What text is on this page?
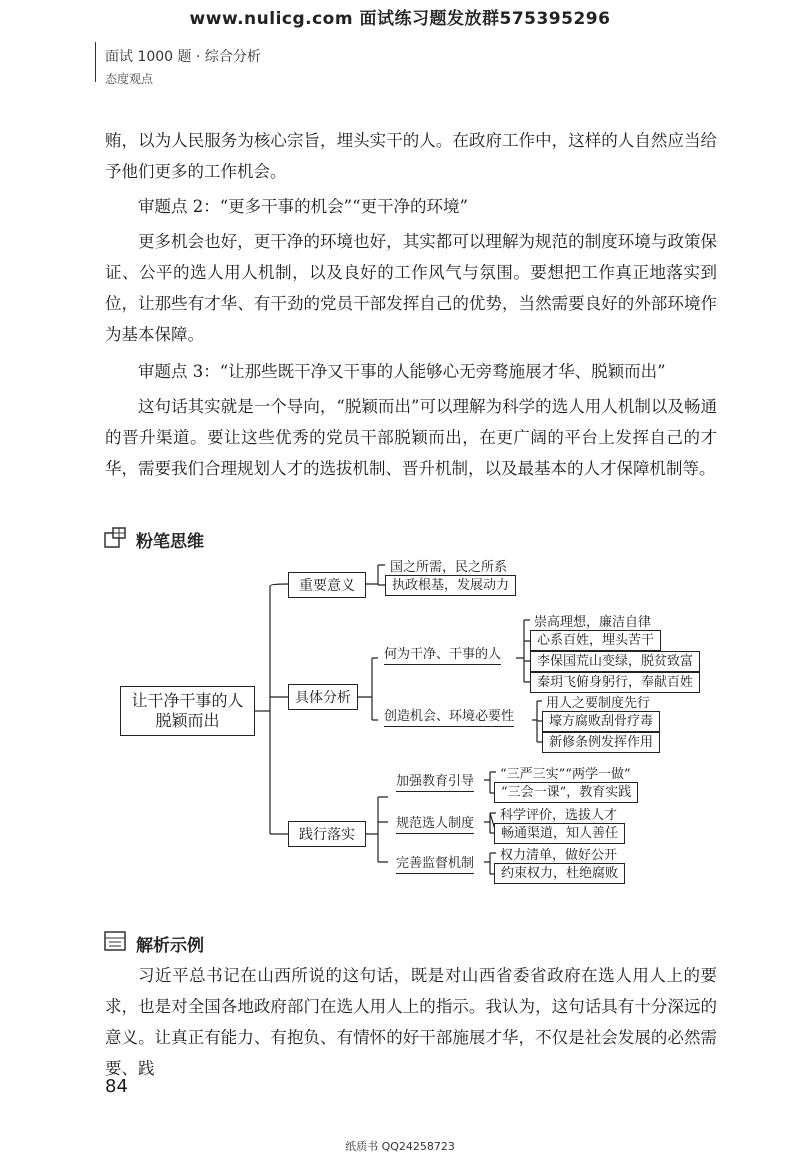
www.nulicg.com 面试练习题发放群575395296
面试 1000 题 · 综合分析
态度观点
贿，以为人民服务为核心宗旨，埋头实干的人。在政府工作中，这样的人自然应当给予他们更多的工作机会。
审题点 2：“更多干事的机会”“更干净的环境”
更多机会也好，更干净的环境也好，其实都可以理解为规范的制度环境与政策保证、公平的选人用人机制，以及良好的工作风气与氛围。要想把工作真正地落实到位，让那些有才华、有干劲的党员干部发挥自己的优势，当然需要良好的外部环境作为基本保障。
审题点 3：“让那些既干净又干事的人能够心无旁骛施展才华、脱颖而出”
这句话其实就是一个导向，“脱颖而出”可以理解为科学的选人用人机制以及畅通的晋升渠道。要让这些优秀的党员干部脱颖而出，在更广阔的平台上发挥自己的才华，需要我们合理规划人才的选拔机制、晋升机制，以及最基本的人才保障机制等。
粉笔思维
让干净干事的人
脱颖而出
重要意义
具体分析
践行落实
国之所需，民之所系
执政根基，发展动力
何为干净、干事的人
创造机会、环境必要性
崇高理想，廉洁自律
心系百姓，埋头苦干
李保国荒山变绿，脱贫致富
秦玥飞俯身躬行，奉献百姓
用人之要制度先行
壕方腐败刮骨疗毒
新修条例发挥作用
加强教育引导
规范选人制度
完善监督机制
“三严三实”“两学一做”
“三会一课”，教育实践
科学评价，选拔人才
畅通渠道，知人善任
权力清单，做好公开
约束权力，杜绝腐败
解析示例
习近平总书记在山西所说的这句话，既是对山西省委省政府在选人用人上的要求，也是对全国各地政府部门在选人用人上的指示。我认为，这句话具有十分深远的意义。让真正有能力、有抱负、有情怀的好干部施展才华，不仅是社会发展的必然需要、践
84
纸质书 QQ24258723
